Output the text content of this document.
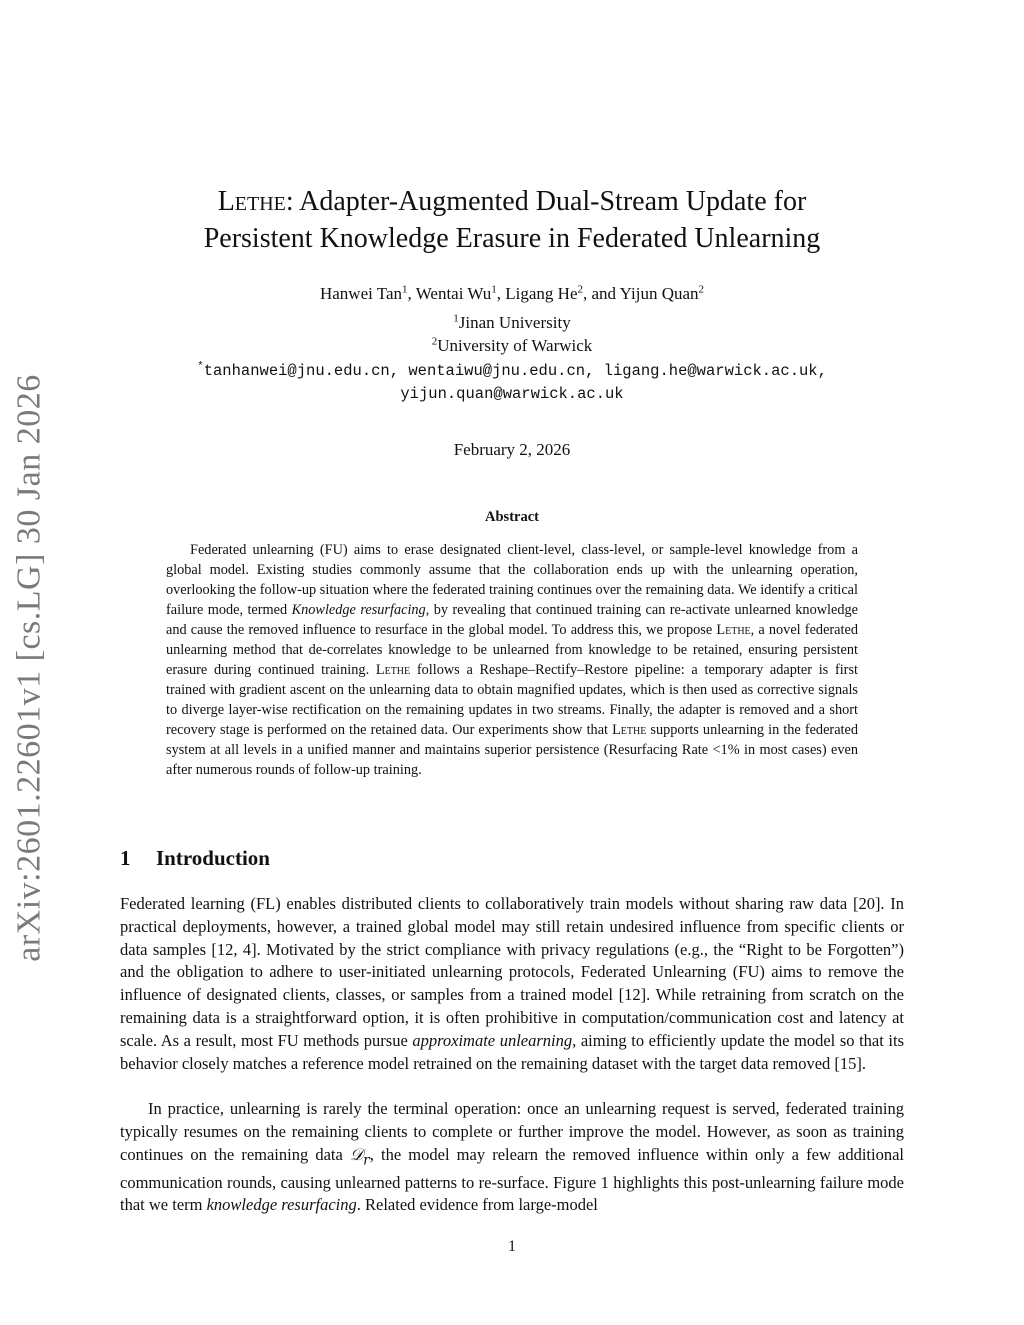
arXiv:2601.22601v1 [cs.LG] 30 Jan 2026
Lethe: Adapter-Augmented Dual-Stream Update for
Persistent Knowledge Erasure in Federated Unlearning
Hanwei Tan$^1$, Wentai Wu$^1$, Ligang He$^2$, and Yijun Quan$^2$
$^1$Jinan University
$^2$University of Warwick
*tanhanwei@jnu.edu.cn, wentaiwu@jnu.edu.cn, ligang.he@warwick.ac.uk,
yijun.quan@warwick.ac.uk
February 2, 2026
Abstract

Federated unlearning (FU) aims to erase designated client-level, class-level, or sample-level knowledge from a global model. Existing studies commonly assume that the collaboration ends up with the unlearning operation, overlooking the follow-up situation where the federated training continues over the remaining data. We identify a critical failure mode, termed Knowledge resurfacing, by revealing that continued training can re-activate unlearned knowledge and cause the removed influence to resurface in the global model. To address this, we propose Lethe, a novel federated unlearning method that de-correlates knowledge to be unlearned from knowledge to be retained, ensuring persistent erasure during continued training. Lethe follows a Reshape–Rectify–Restore pipeline: a temporary adapter is first trained with gradient ascent on the unlearning data to obtain magnified updates, which is then used as corrective signals to diverge layer-wise rectification on the remaining updates in two streams. Finally, the adapter is removed and a short recovery stage is performed on the retained data. Our experiments show that Lethe supports unlearning in the federated system at all levels in a unified manner and maintains superior persistence (Resurfacing Rate <1% in most cases) even after numerous rounds of follow-up training.

1 Introduction

Federated learning (FL) enables distributed clients to collaboratively train models without sharing raw data [20]. In practical deployments, however, a trained global model may still retain undesired influence from specific clients or data samples [12, 4]. Motivated by the strict compliance with privacy regulations (e.g., the “Right to be Forgotten”) and the obligation to adhere to user-initiated unlearning protocols, Federated Unlearning (FU) aims to remove the influence of designated clients, classes, or samples from a trained model [12]. While retraining from scratch on the remaining data is a straightforward option, it is often prohibitive in computation/communication cost and latency at scale. As a result, most FU methods pursue approximate unlearning, aiming to efficiently update the model so that its behavior closely matches a reference model retrained on the remaining dataset with the target data removed [15].

In practice, unlearning is rarely the terminal operation: once an unlearning request is served, federated training typically resumes on the remaining clients to complete or further improve the model. However, as soon as training continues on the remaining data 𝒟$_r$, the model may relearn the removed influence within only a few additional communication rounds, causing unlearned patterns to re-surface. Figure 1 highlights this post-unlearning failure mode that we term knowledge resurfacing. Related evidence from large-model

1
